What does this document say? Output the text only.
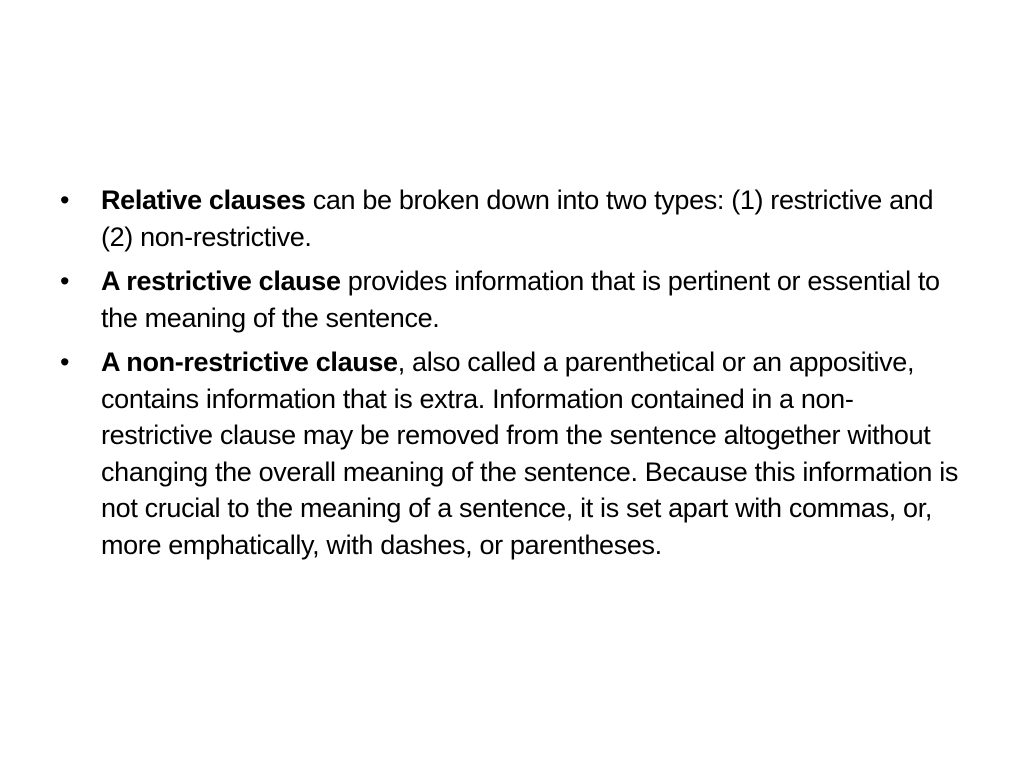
•	Relative clauses can be broken down into two types: (1) restrictive and (2) non-restrictive.
•	A restrictive clause provides information that is pertinent or essential to the meaning of the sentence.
•	A non-restrictive clause, also called a parenthetical or an appositive, contains information that is extra. Information contained in a non-restrictive clause may be removed from the sentence altogether without changing the overall meaning of the sentence. Because this information is not crucial to the meaning of a sentence, it is set apart with commas, or, more emphatically, with dashes, or parentheses.
